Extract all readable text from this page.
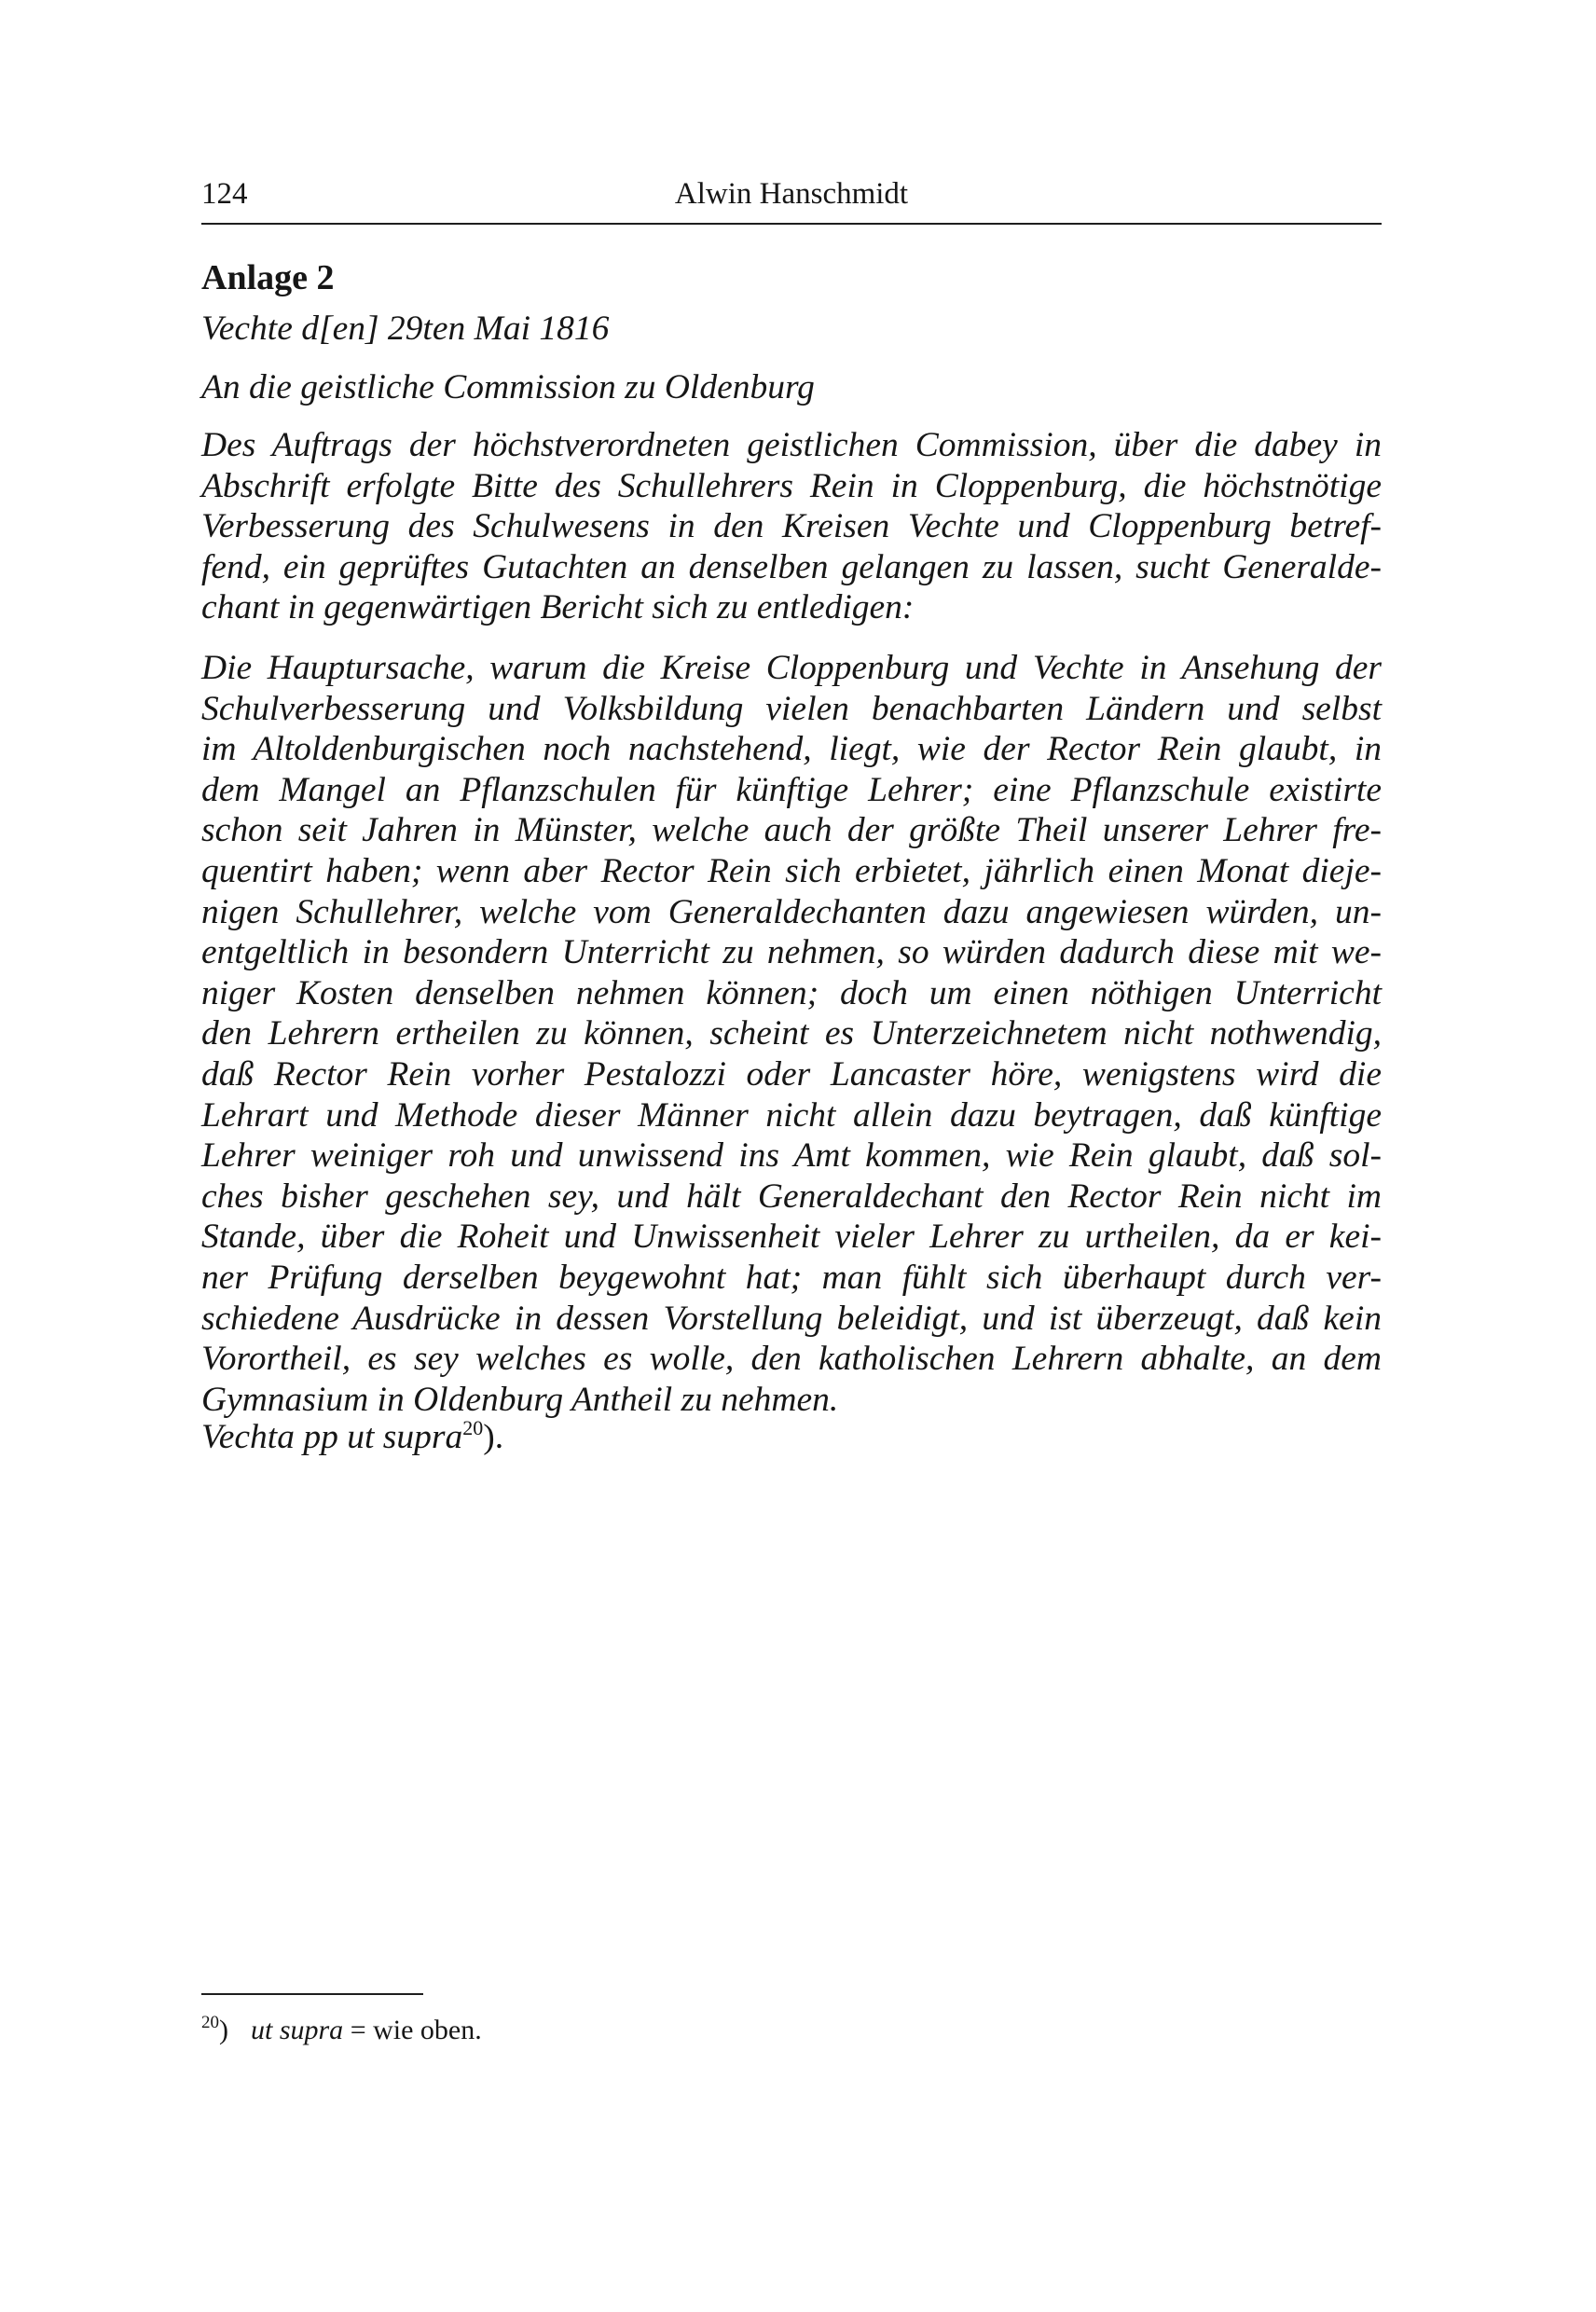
124	Alwin Hanschmidt
Anlage 2

Vechte d[en] 29ten Mai 1816

An die geistliche Commission zu Oldenburg

Des Auftrags der höchstverordneten geistlichen Commission, über die dabey in
Abschrift erfolgte Bitte des Schullehrers Rein in Cloppenburg, die höchstnötige
Verbesserung des Schulwesens in den Kreisen Vechte und Cloppenburg betref-
fend, ein geprüftes Gutachten an denselben gelangen zu lassen, sucht Generalde-
chant in gegenwärtigen Bericht sich zu entledigen:

Die Hauptursache, warum die Kreise Cloppenburg und Vechte in Ansehung der
Schulverbesserung und Volksbildung vielen benachbarten Ländern und selbst
im Altoldenburgischen noch nachstehend, liegt, wie der Rector Rein glaubt, in
dem Mangel an Pflanzschulen für künftige Lehrer; eine Pflanzschule existirte
schon seit Jahren in Münster, welche auch der größte Theil unserer Lehrer fre-
quentirt haben; wenn aber Rector Rein sich erbietet, jährlich einen Monat dieje-
nigen Schullehrer, welche vom Generaldechanten dazu angewiesen würden, un-
entgeltlich in besondern Unterricht zu nehmen, so würden dadurch diese mit we-
niger Kosten denselben nehmen können; doch um einen nöthigen Unterricht
den Lehrern ertheilen zu können, scheint es Unterzeichnetem nicht nothwendig,
daß Rector Rein vorher Pestalozzi oder Lancaster höre, wenigstens wird die
Lehrart und Methode dieser Männer nicht allein dazu beytragen, daß künftige
Lehrer weiniger roh und unwissend ins Amt kommen, wie Rein glaubt, daß sol-
ches bisher geschehen sey, und hält Generaldechant den Rector Rein nicht im
Stande, über die Roheit und Unwissenheit vieler Lehrer zu urtheilen, da er kei-
ner Prüfung derselben beygewohnt hat; man fühlt sich überhaupt durch ver-
schiedene Ausdrücke in dessen Vorstellung beleidigt, und ist überzeugt, daß kein
Vorortheil, es sey welches es wolle, den katholischen Lehrern abhalte, an dem
Gymnasium in Oldenburg Antheil zu nehmen.

Vechta pp ut supra$^{20}$).

$^{20}$) ut supra = wie oben.
